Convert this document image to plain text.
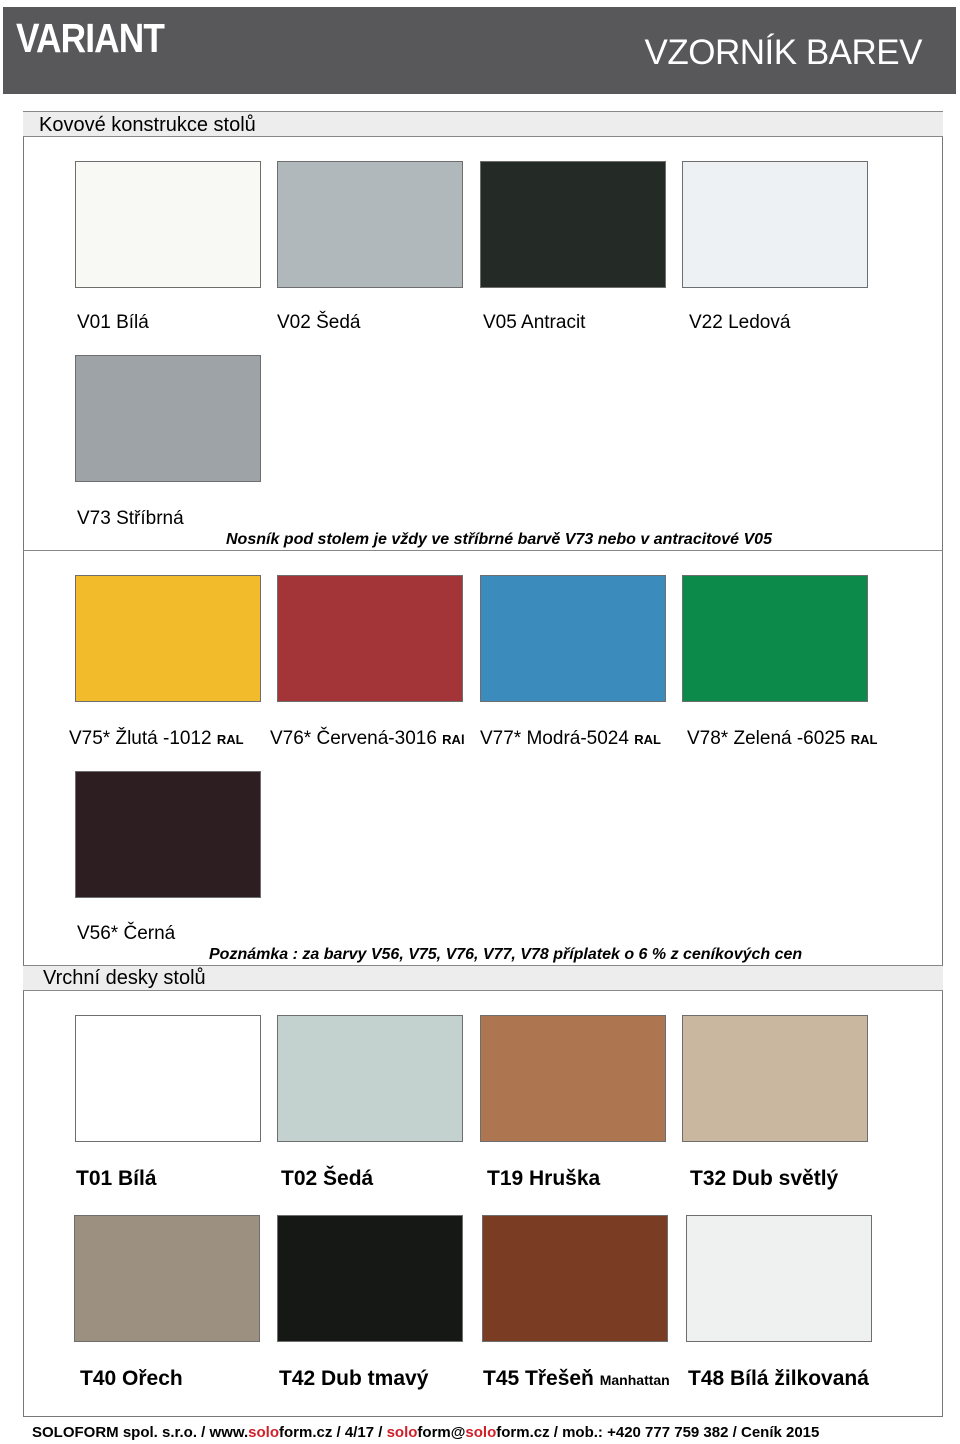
VARIANT	VZORNÍK BAREV
Kovové konstrukce stolů
V01 Bílá	V02 Šedá	V05 Antracit	V22 Ledová
V73 Stříbrná
Nosník pod stolem je vždy ve stříbrné barvě V73 nebo v antracitové V05
V75* Žlutá -1012 RAL V76* Červená-3016 RAl V77* Modrá-5024 RAL V78* Zelená -6025 RAL
V56* Černá
Poznámka : za barvy V56, V75, V76, V77, V78 příplatek o 6 % z ceníkových cen
Vrchní desky stolů
T01 Bílá	T02 Šedá	T19 Hruška	T32 Dub světlý
T40 Ořech	T42 Dub tmavý	T45 Třešeň Manhattan T48 Bílá žilkovaná
SOLOFORM spol. s.r.o. / www.soloform.cz / 4/17 / soloform@soloform.cz / mob.: +420 777 759 382 / Ceník 2015
